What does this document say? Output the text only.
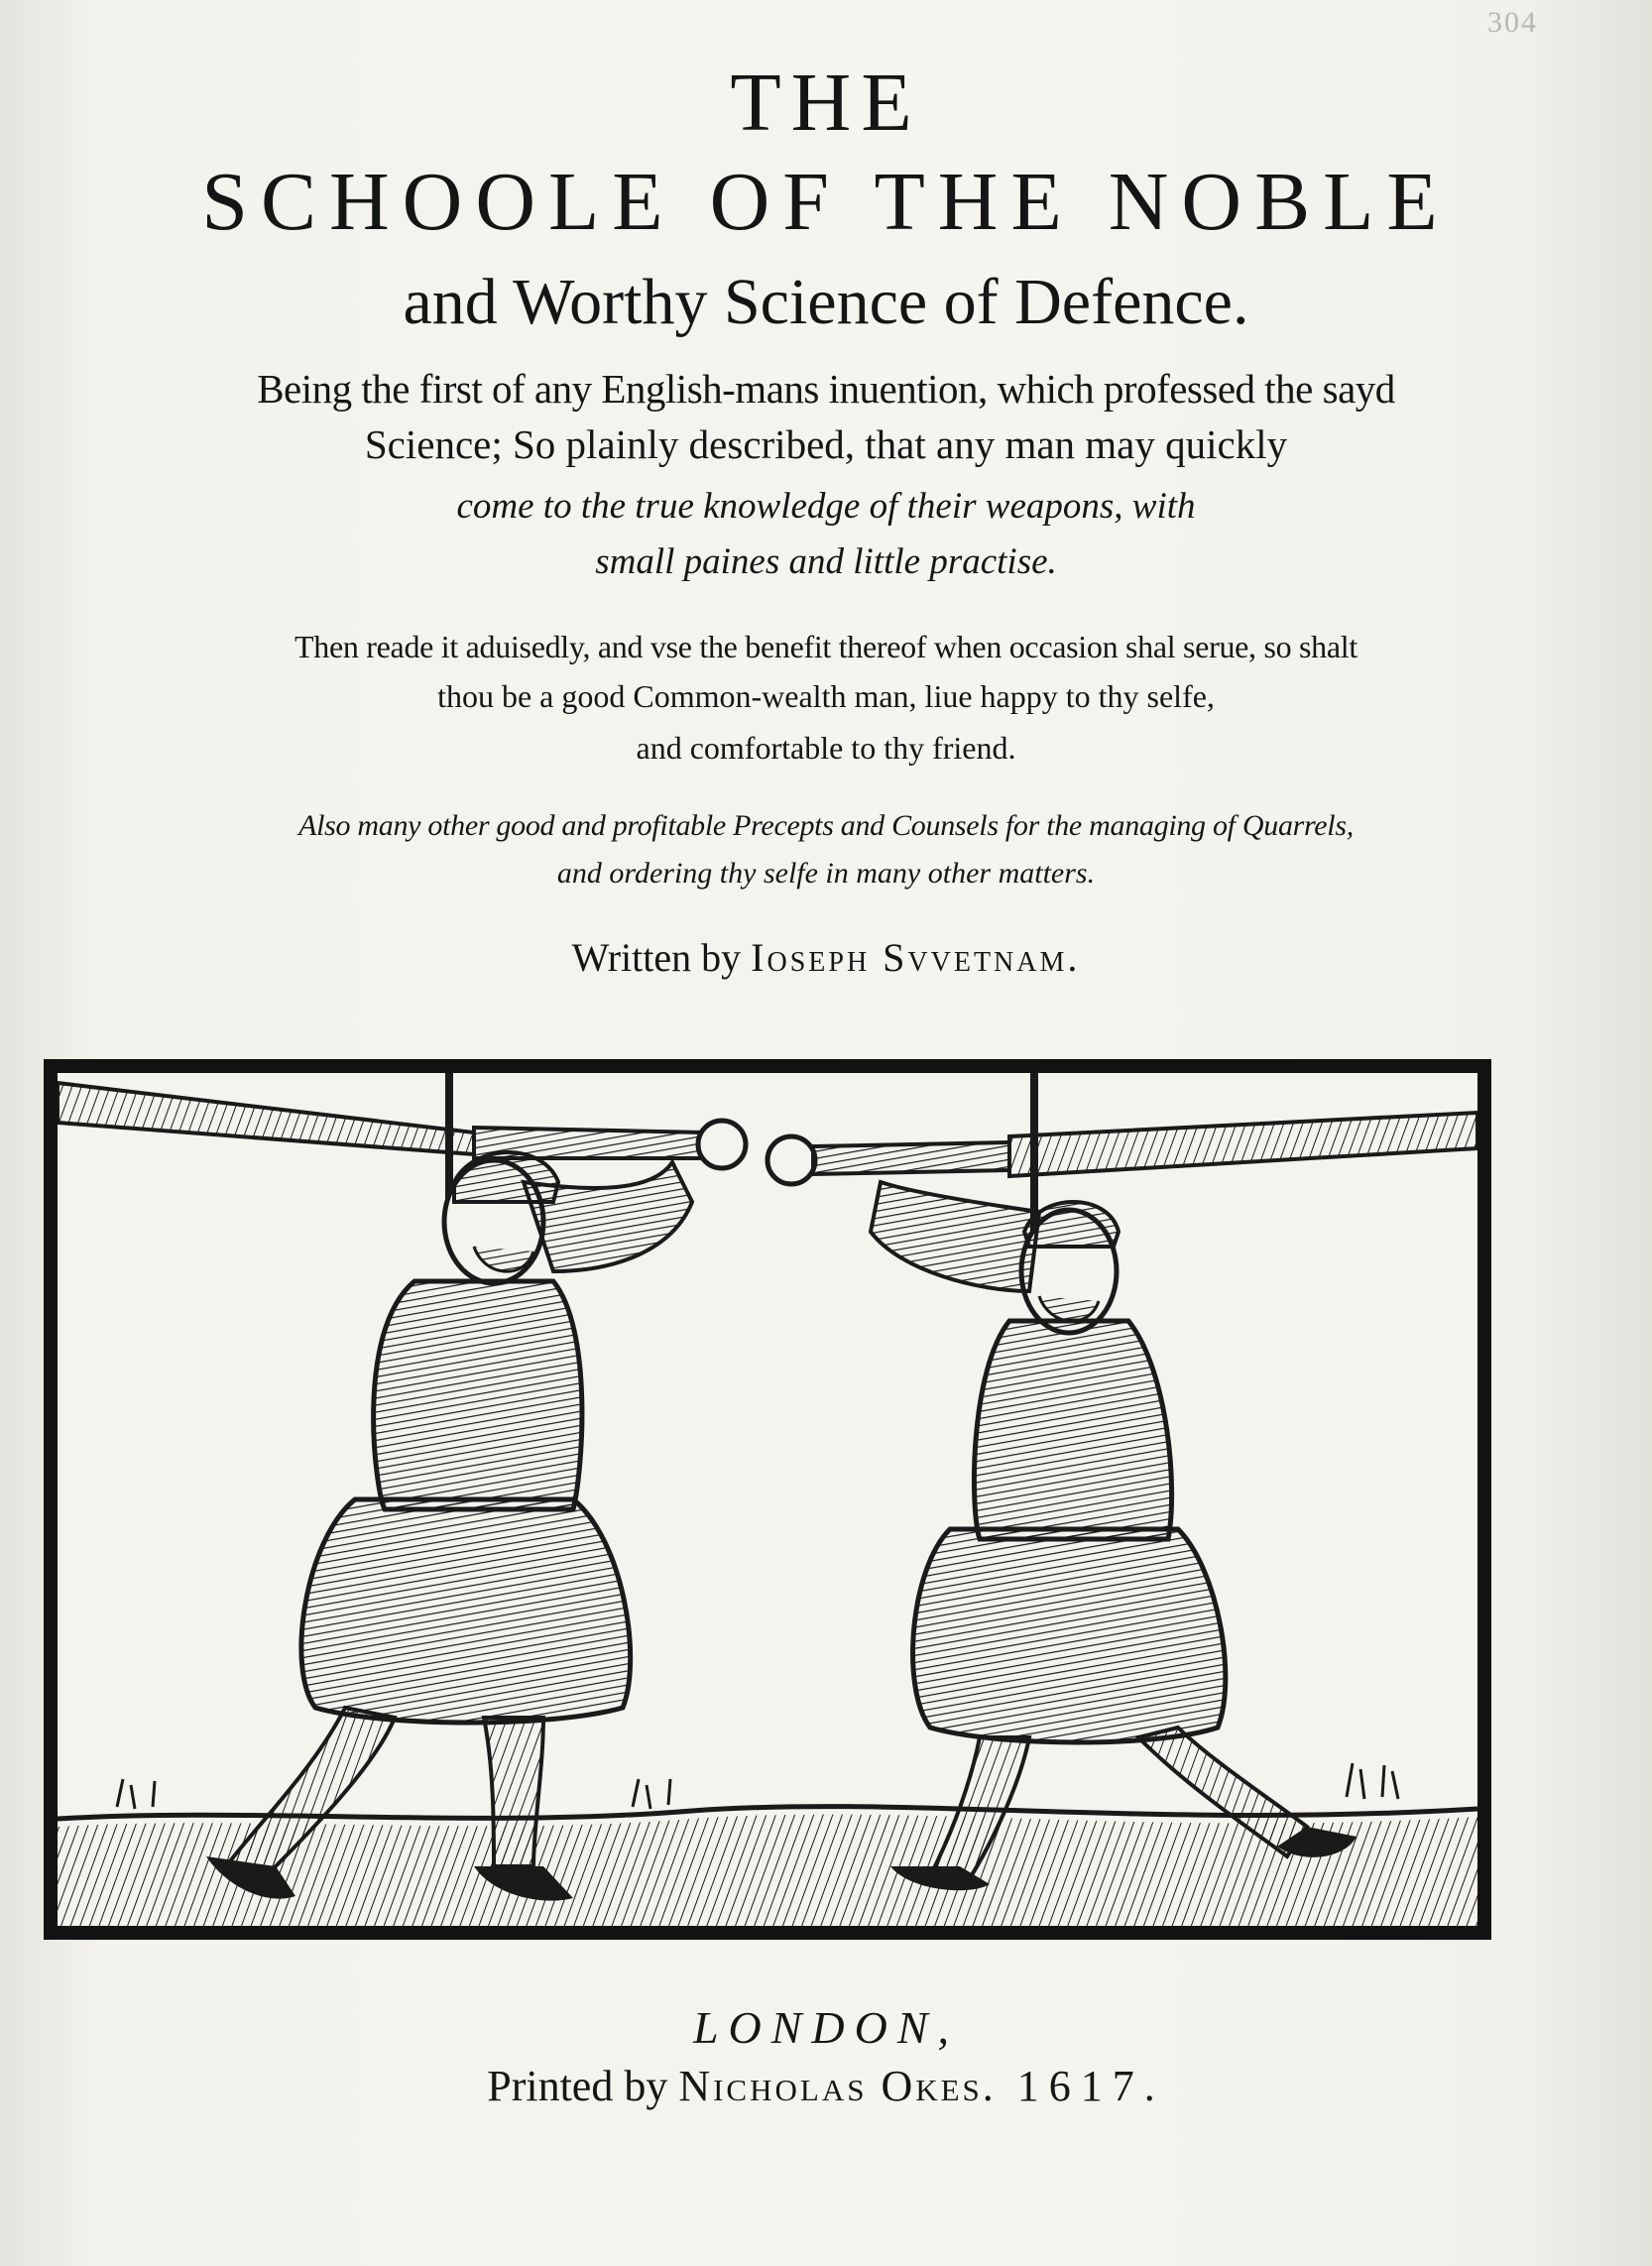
304
THE
SCHOOLE OF THE NOBLE
and Worthy Science of Defence.
Being the first of any English-mans inuention, which professed the sayd
Science; So plainly described, that any man may quickly
come to the true knowledge of their weapons, with
small paines and little practise.
Then reade it aduisedly, and vse the benefit thereof when occasion shal serue, so shalt
thou be a good Common-wealth man, liue happy to thy selfe,
and comfortable to thy friend.
Also many other good and profitable Precepts and Counsels for the managing of Quarrels,
and ordering thy selfe in many other matters.
Written by Ioseph Svvetnam.
LONDON,
Printed by Nicholas Okes. 1617.
